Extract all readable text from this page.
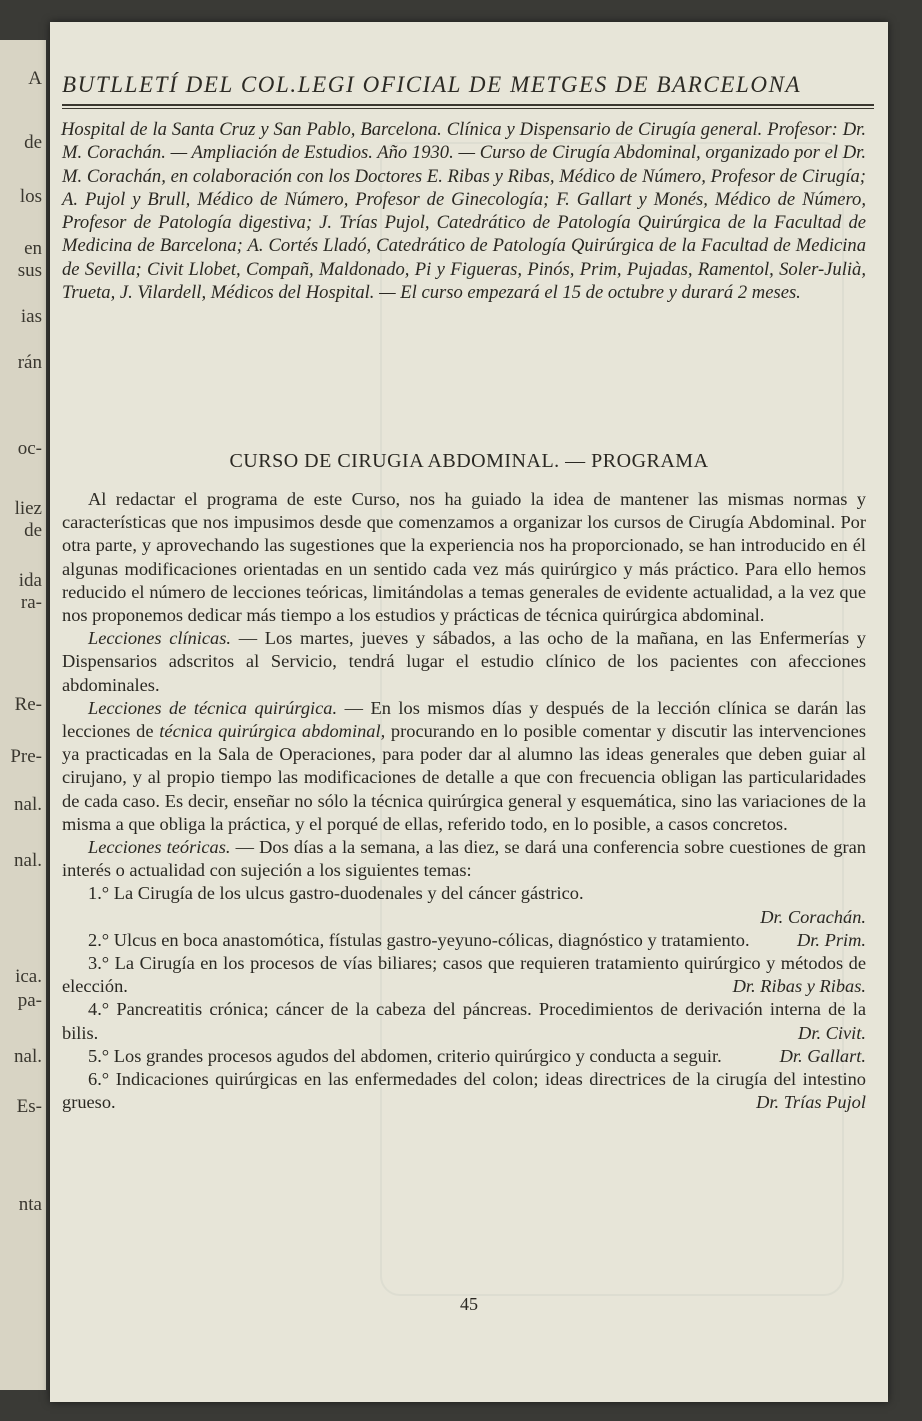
A
de
los
en
sus
ias
rán
oc-
liez
de
ida
ra-
Re-
Pre-
nal.
nal.
ica.
pa-
nal.
Es-
nta
BUTLLETÍ DEL COL.LEGI OFICIAL DE METGES DE BARCELONA
Hospital de la Santa Cruz y San Pablo, Barcelona. Clínica y Dispensario de Cirugía general. Profesor: Dr. M. Corachán. — Ampliación de Estudios. Año 1930. — Curso de Cirugía Abdominal, organizado por el Dr. M. Corachán, en colaboración con los Doctores E. Ribas y Ribas, Médico de Número, Profesor de Cirugía; A. Pujol y Brull, Médico de Número, Profesor de Ginecología; F. Gallart y Monés, Médico de Número, Profesor de Patología digestiva; J. Trías Pujol, Catedrático de Patología Quirúrgica de la Facultad de Medicina de Barcelona; A. Cortés Lladó, Catedrático de Patología Quirúrgica de la Facultad de Medicina de Sevilla; Civit Llobet, Compañ, Maldonado, Pi y Figueras, Pinós, Prim, Pujadas, Ramentol, Soler-Julià, Trueta, J. Vilardell, Médicos del Hospital. — El curso empezará el 15 de octubre y durará 2 meses.
CURSO DE CIRUGIA ABDOMINAL. — PROGRAMA

Al redactar el programa de este Curso, nos ha guiado la idea de mantener las mismas normas y características que nos impusimos desde que comenzamos a organizar los cursos de Cirugía Abdominal. Por otra parte, y aprovechando las sugestiones que la experiencia nos ha proporcionado, se han introducido en él algunas modificaciones orientadas en un sentido cada vez más quirúrgico y más práctico. Para ello hemos reducido el número de lecciones teóricas, limitándolas a temas generales de evidente actualidad, a la vez que nos proponemos dedicar más tiempo a los estudios y prácticas de técnica quirúrgica abdominal.

Lecciones clínicas. — Los martes, jueves y sábados, a las ocho de la mañana, en las Enfermerías y Dispensarios adscritos al Servicio, tendrá lugar el estudio clínico de los pacientes con afecciones abdominales.

Lecciones de técnica quirúrgica. — En los mismos días y después de la lección clínica se darán las lecciones de técnica quirúrgica abdominal, procurando en lo posible comentar y discutir las intervenciones ya practicadas en la Sala de Operaciones, para poder dar al alumno las ideas generales que deben guiar al cirujano, y al propio tiempo las modificaciones de detalle a que con frecuencia obligan las particularidades de cada caso. Es decir, enseñar no sólo la técnica quirúrgica general y esquemática, sino las variaciones de la misma a que obliga la práctica, y el porqué de ellas, referido todo, en lo posible, a casos concretos.

Lecciones teóricas. — Dos días a la semana, a las diez, se dará una conferencia sobre cuestiones de gran interés o actualidad con sujeción a los siguientes temas:

1.° La Cirugía de los ulcus gastro-duodenales y del cáncer gástrico.
Dr. Corachán.

2.° Ulcus en boca anastomótica, fístulas gastro-yeyuno-cólicas, diagnóstico y tratamiento.	Dr. Prim.

3.° La Cirugía en los procesos de vías biliares; casos que requieren tratamiento quirúrgico y métodos de elección.	Dr. Ribas y Ribas.

4.° Pancreatitis crónica; cáncer de la cabeza del páncreas. Procedimientos de derivación interna de la bilis.	Dr. Civit.

5.° Los grandes procesos agudos del abdomen, criterio quirúrgico y conducta a seguir.	Dr. Gallart.

6.° Indicaciones quirúrgicas en las enfermedades del colon; ideas directrices de la cirugía del intestino grueso.	Dr. Trías Pujol

45
